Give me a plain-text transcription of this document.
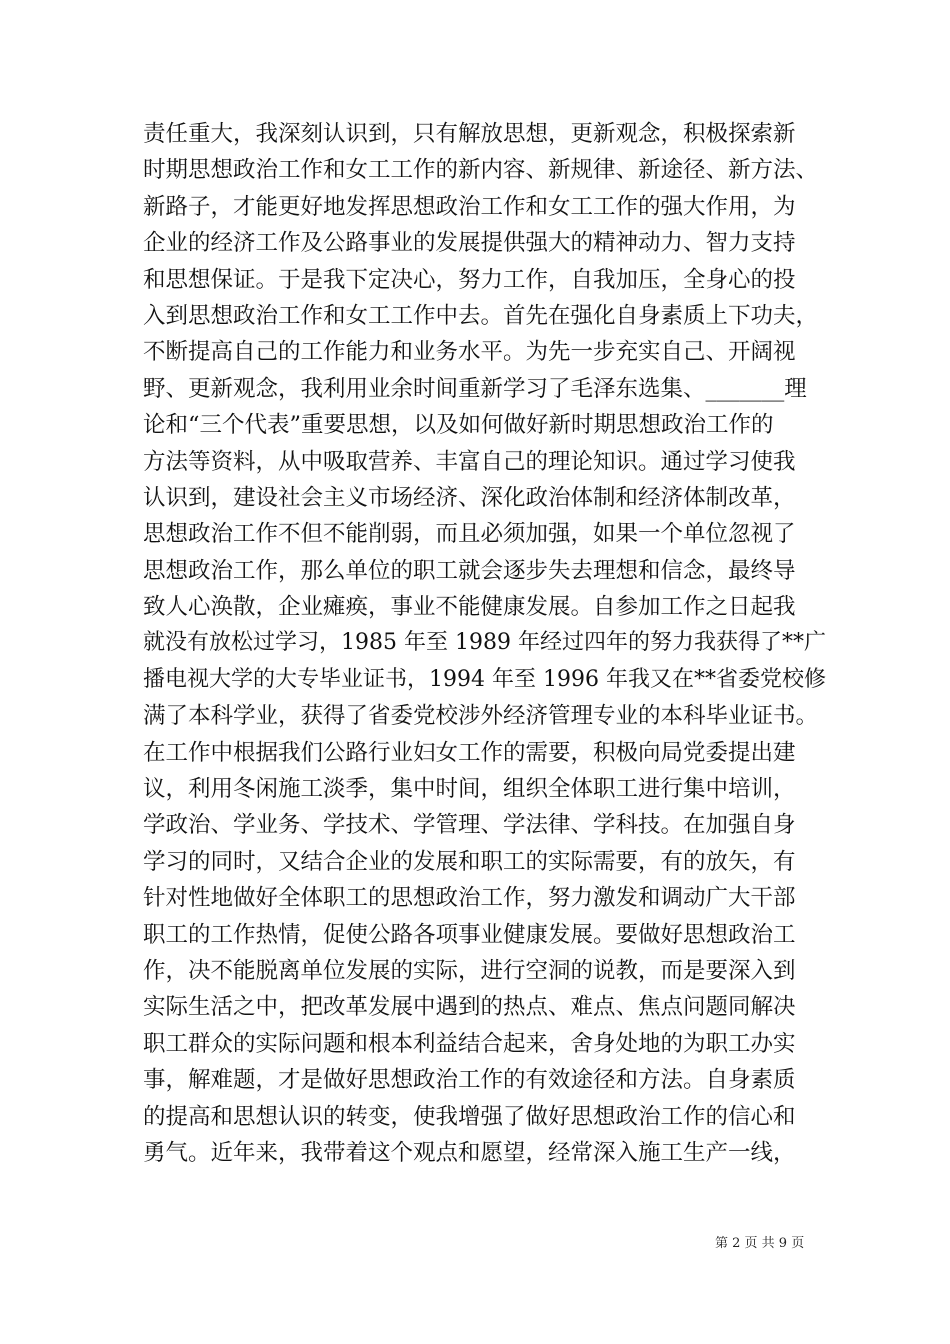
责任重大，我深刻认识到，只有解放思想，更新观念，积极探索新
时期思想政治工作和女工工作的新内容、新规律、新途径、新方法、
新路子，才能更好地发挥思想政治工作和女工工作的强大作用，为
企业的经济工作及公路事业的发展提供强大的精神动力、智力支持
和思想保证。于是我下定决心，努力工作，自我加压，全身心的投
入到思想政治工作和女工工作中去。首先在强化自身素质上下功夫，
不断提高自己的工作能力和业务水平。为先一步充实自己、开阔视
野、更新观念，我利用业余时间重新学习了毛泽东选集、_______理
论和“三个代表”重要思想，以及如何做好新时期思想政治工作的
方法等资料，从中吸取营养、丰富自己的理论知识。通过学习使我
认识到，建设社会主义市场经济、深化政治体制和经济体制改革，
思想政治工作不但不能削弱，而且必须加强，如果一个单位忽视了
思想政治工作，那么单位的职工就会逐步失去理想和信念，最终导
致人心涣散，企业瘫痪，事业不能健康发展。自参加工作之日起我
就没有放松过学习，1985 年至 1989 年经过四年的努力我获得了**广
播电视大学的大专毕业证书，1994 年至 1996 年我又在**省委党校修
满了本科学业，获得了省委党校涉外经济管理专业的本科毕业证书。
在工作中根据我们公路行业妇女工作的需要，积极向局党委提出建
议，利用冬闲施工淡季，集中时间，组织全体职工进行集中培训，
学政治、学业务、学技术、学管理、学法律、学科技。在加强自身
学习的同时，又结合企业的发展和职工的实际需要，有的放矢，有
针对性地做好全体职工的思想政治工作，努力激发和调动广大干部
职工的工作热情，促使公路各项事业健康发展。要做好思想政治工
作，决不能脱离单位发展的实际，进行空洞的说教，而是要深入到
实际生活之中，把改革发展中遇到的热点、难点、焦点问题同解决
职工群众的实际问题和根本利益结合起来，舍身处地的为职工办实
事，解难题，才是做好思想政治工作的有效途径和方法。自身素质
的提高和思想认识的转变，使我增强了做好思想政治工作的信心和
勇气。近年来，我带着这个观点和愿望，经常深入施工生产一线，
第 2 页 共 9 页
